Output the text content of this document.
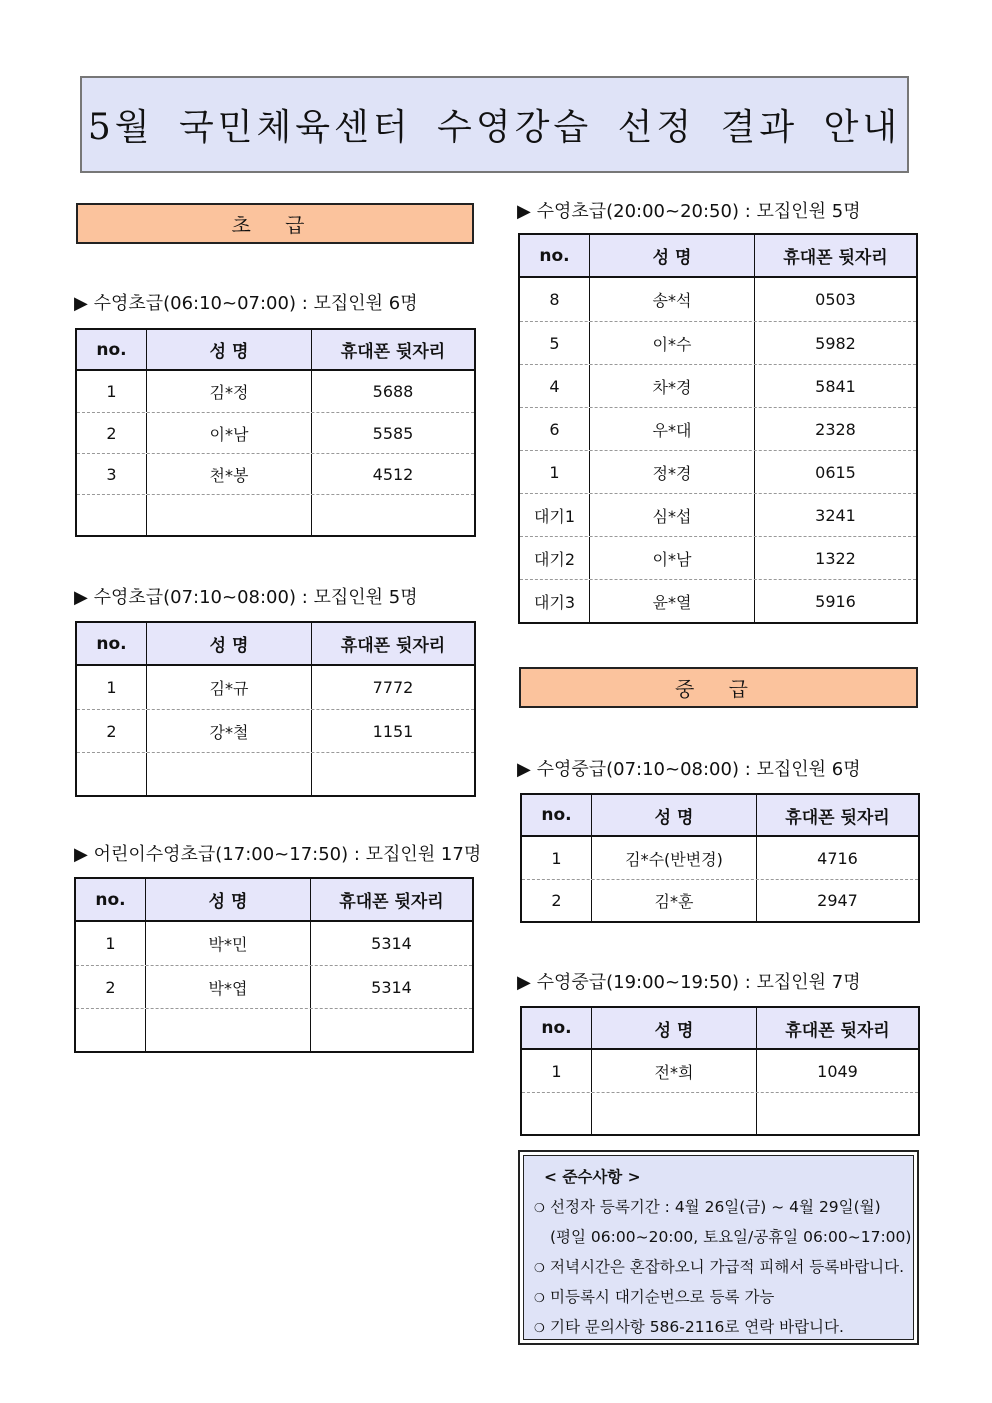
5월 국민체육센터 수영강습 선정 결과 안내
초 급
중 급
▶ 수영초급(06:10~07:00) : 모집인원 6명
▶ 수영초급(07:10~08:00) : 모집인원 5명
▶ 어린이수영초급(17:00~17:50) : 모집인원 17명
▶ 수영초급(20:00~20:50) : 모집인원 5명
▶ 수영중급(07:10~08:00) : 모집인원 6명
▶ 수영중급(19:00~19:50) : 모집인원 7명
no.	성 명	휴대폰 뒷자리
1	김*정	5688
2	이*남	5585
3	천*봉	4512
no.	성 명	휴대폰 뒷자리
1	김*규	7772
2	강*철	1151
no.	성 명	휴대폰 뒷자리
1	박*민	5314
2	박*엽	5314
no.	성 명	휴대폰 뒷자리
8	송*석	0503
5	이*수	5982
4	차*경	5841
6	우*대	2328
1	정*경	0615
대기1	심*섭	3241
대기2	이*남	1322
대기3	윤*열	5916
no.	성 명	휴대폰 뒷자리
1	김*수(반변경)	4716
2	김*훈	2947
no.	성 명	휴대폰 뒷자리
1	전*희	1049
< 준수사항 >
❍ 선정자 등록기간 : 4월 26일(금) ~ 4월 29일(월)
(평일 06:00~20:00, 토요일/공휴일 06:00~17:00)
❍ 저녁시간은 혼잡하오니 가급적 피해서 등록바랍니다.
❍ 미등록시 대기순번으로 등록 가능
❍ 기타 문의사항 586-2116로 연락 바랍니다.
